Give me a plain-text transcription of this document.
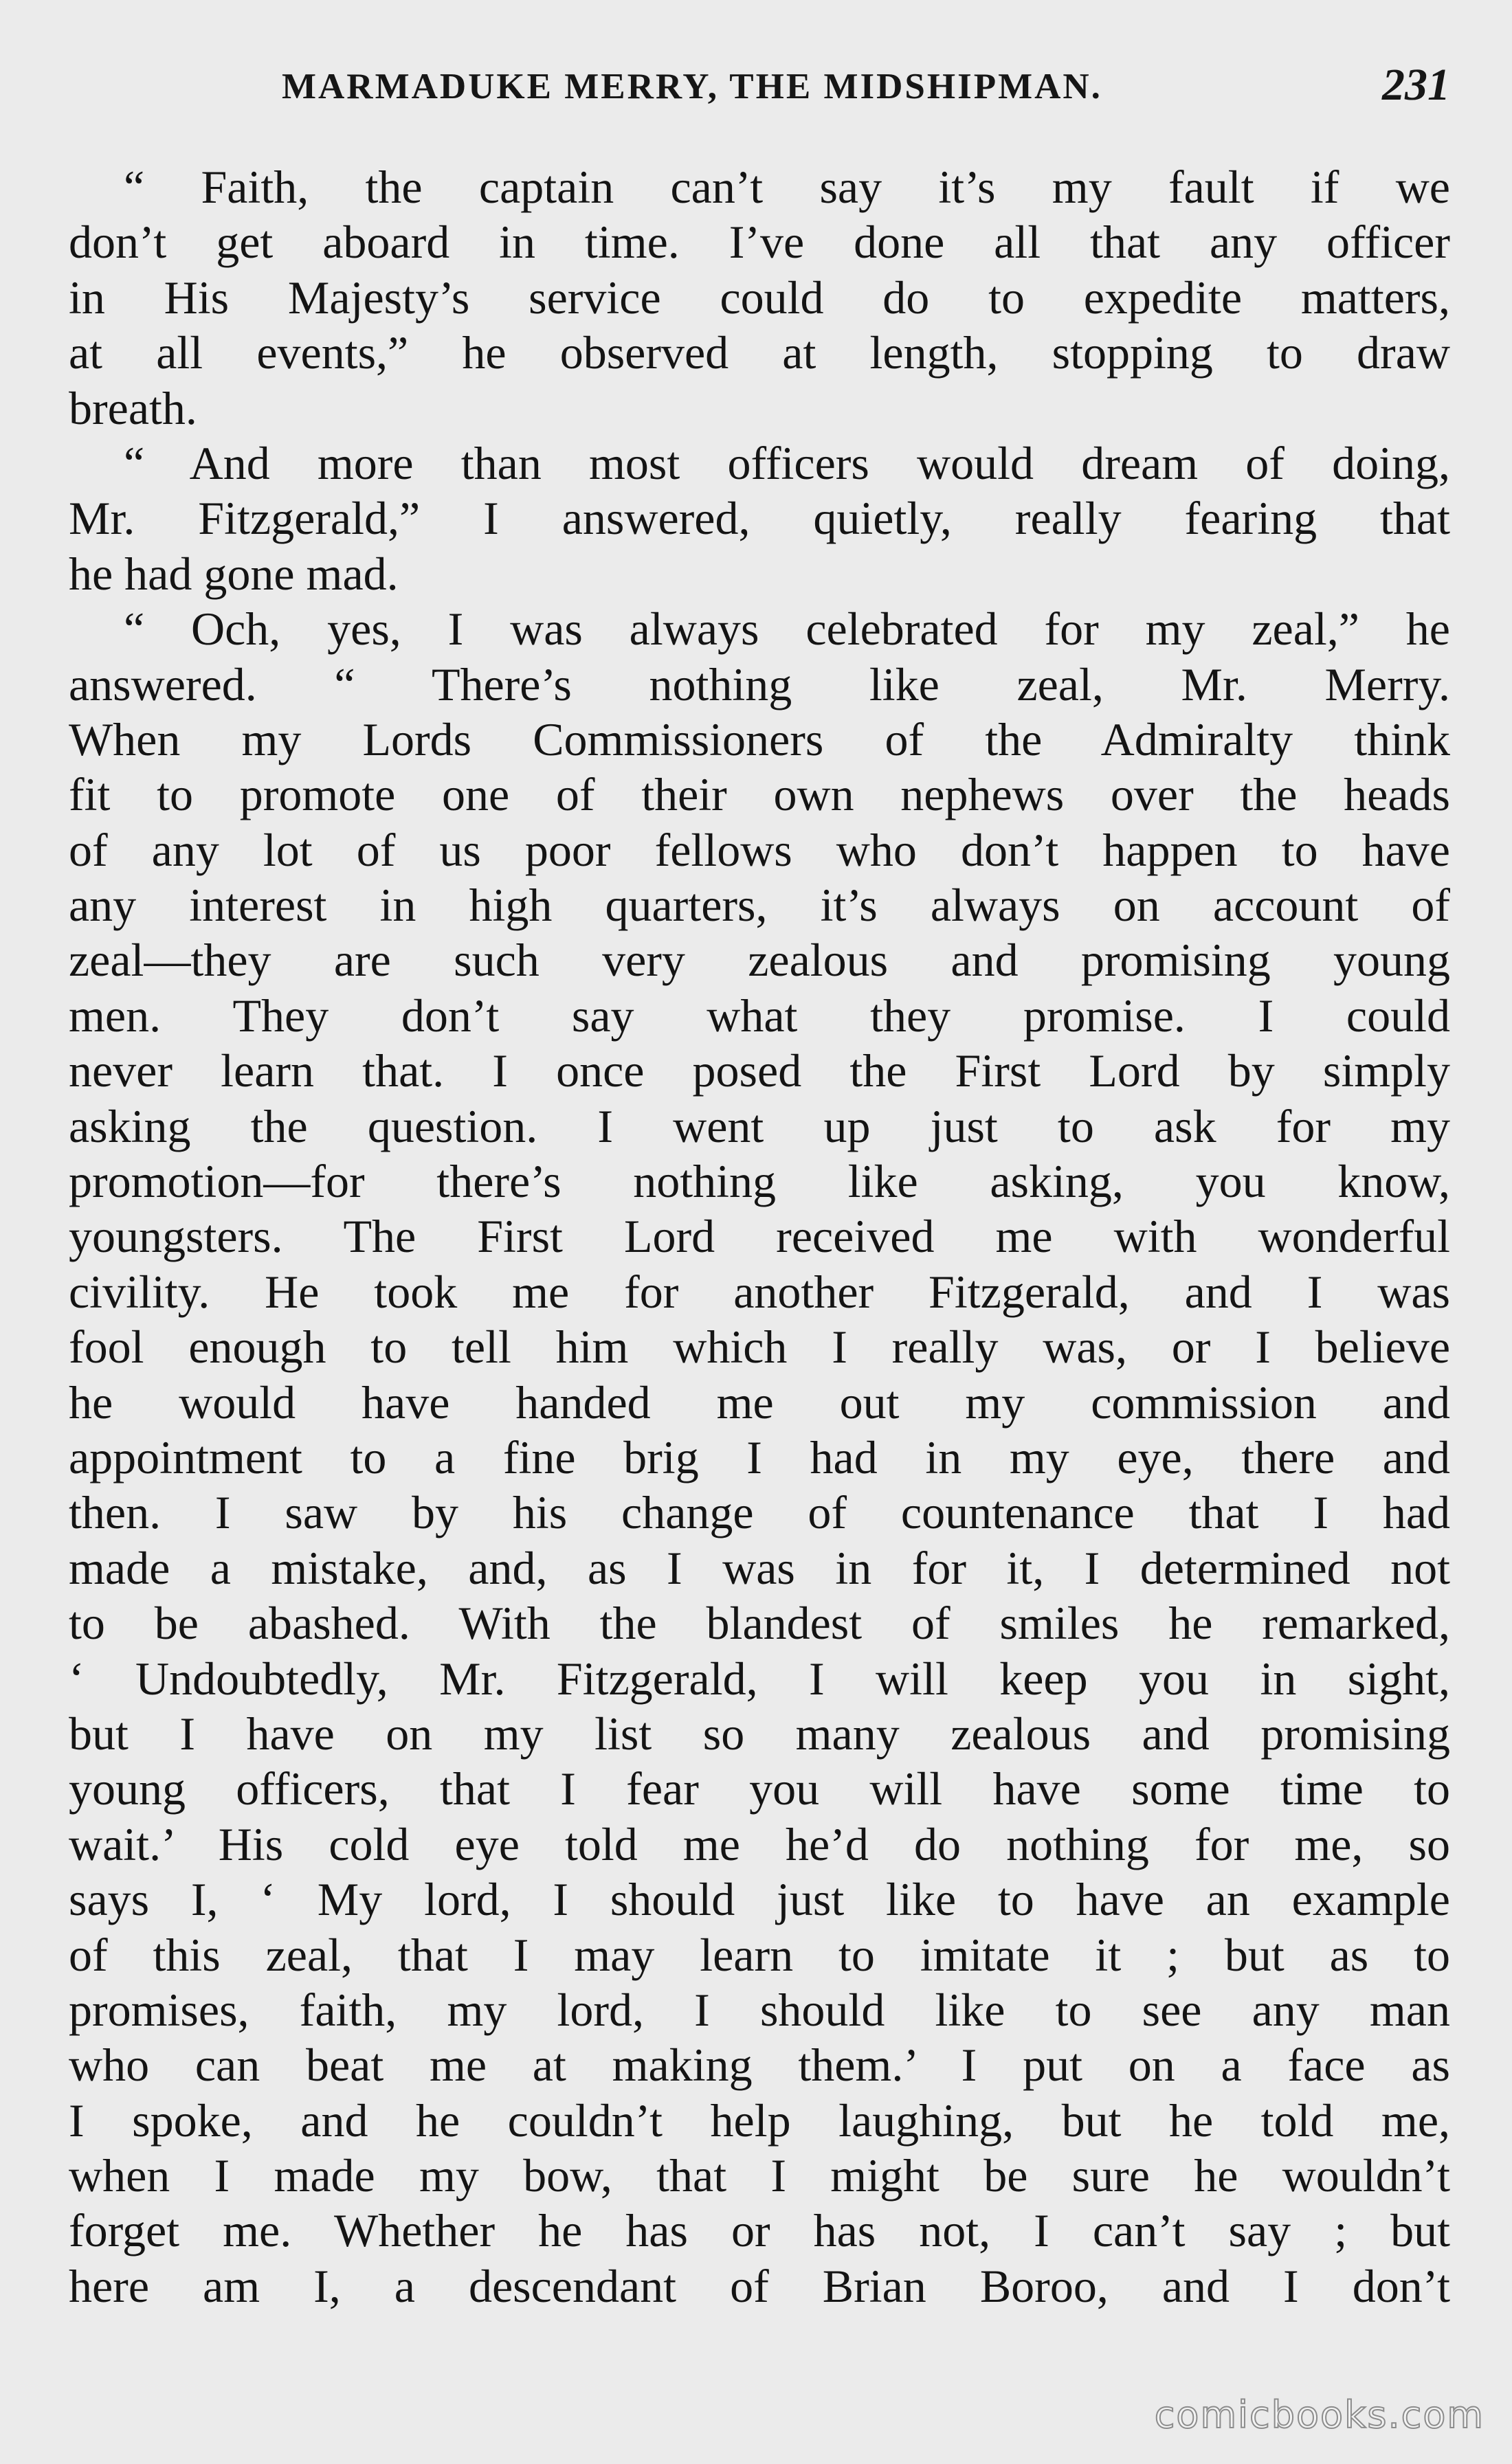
MARMADUKE MERRY, THE MIDSHIPMAN.	231
“ Faith, the captain can’t say it’s my fault if we
don’t get aboard in time. I’ve done all that any officer
in His Majesty’s service could do to expedite matters,
at all events,” he observed at length, stopping to draw
breath.
“ And more than most officers would dream of doing,
Mr. Fitzgerald,” I answered, quietly, really fearing that
he had gone mad.
“ Och, yes, I was always celebrated for my zeal,” he
answered. “ There’s nothing like zeal, Mr. Merry.
When my Lords Commissioners of the Admiralty think
fit to promote one of their own nephews over the heads
of any lot of us poor fellows who don’t happen to have
any interest in high quarters, it’s always on account of
zeal—they are such very zealous and promising young
men. They don’t say what they promise. I could
never learn that. I once posed the First Lord by simply
asking the question. I went up just to ask for my
promotion—for there’s nothing like asking, you know,
youngsters. The First Lord received me with wonderful
civility. He took me for another Fitzgerald, and I was
fool enough to tell him which I really was, or I believe
he would have handed me out my commission and
appointment to a fine brig I had in my eye, there and
then. I saw by his change of countenance that I had
made a mistake, and, as I was in for it, I determined not
to be abashed. With the blandest of smiles he remarked,
‘ Undoubtedly, Mr. Fitzgerald, I will keep you in sight,
but I have on my list so many zealous and promising
young officers, that I fear you will have some time to
wait.’ His cold eye told me he’d do nothing for me, so
says I, ‘ My lord, I should just like to have an example
of this zeal, that I may learn to imitate it ; but as to
promises, faith, my lord, I should like to see any man
who can beat me at making them.’ I put on a face as
I spoke, and he couldn’t help laughing, but he told me,
when I made my bow, that I might be sure he wouldn’t
forget me. Whether he has or has not, I can’t say ; but
here am I, a descendant of Brian Boroo, and I don’t
comicbooks.com
